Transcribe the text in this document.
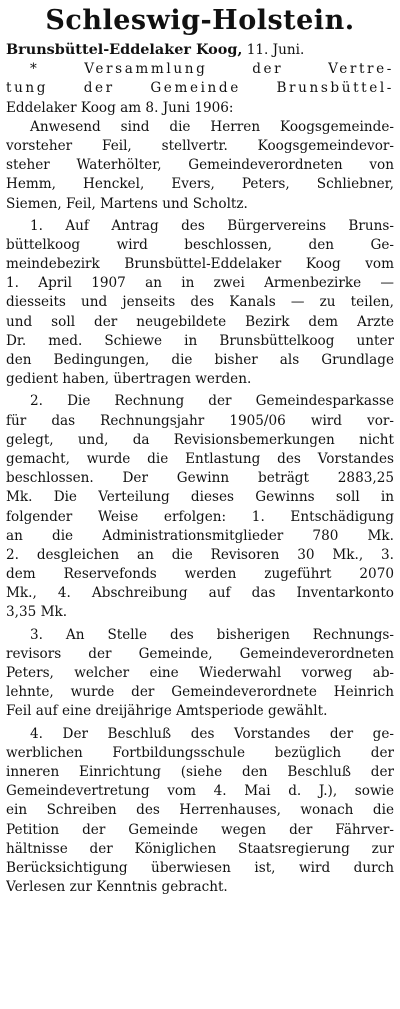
Schleswig-Holstein.
Brunsbüttel-Eddelaker Koog, 11. Juni.
* Versammlung der Vertre-
tung der Gemeinde Brunsbüttel-
Eddelaker Koog am 8. Juni 1906:
Anwesend sind die Herren Koogsgemeinde-
vorsteher Feil, stellvertr. Koogsgemeindevor-
steher Waterhölter, Gemeindeverordneten von
Hemm, Henckel, Evers, Peters, Schliebner,
Siemen, Feil, Martens und Scholtz.
1. Auf Antrag des Bürgervereins Bruns-
büttelkoog wird beschlossen, den Ge-
meindebezirk Brunsbüttel-Eddelaker Koog vom
1. April 1907 an in zwei Armenbezirke —
diesseits und jenseits des Kanals — zu teilen,
und soll der neugebildete Bezirk dem Arzte
Dr. med. Schiewe in Brunsbüttelkoog unter
den Bedingungen, die bisher als Grundlage
gedient haben, übertragen werden.
2. Die Rechnung der Gemeindesparkasse
für das Rechnungsjahr 1905/06 wird vor-
gelegt, und, da Revisionsbemerkungen nicht
gemacht, wurde die Entlastung des Vorstandes
beschlossen. Der Gewinn beträgt 2883,25
Mk. Die Verteilung dieses Gewinns soll in
folgender Weise erfolgen: 1. Entschädigung
an die Administrationsmitglieder 780 Mk.
2. desgleichen an die Revisoren 30 Mk., 3.
dem Reservefonds werden zugeführt 2070
Mk., 4. Abschreibung auf das Inventarkonto
3,35 Mk.
3. An Stelle des bisherigen Rechnungs-
revisors der Gemeinde, Gemeindeverordneten
Peters, welcher eine Wiederwahl vorweg ab-
lehnte, wurde der Gemeindeverordnete Heinrich
Feil auf eine dreijährige Amtsperiode gewählt.
4. Der Beschluß des Vorstandes der ge-
werblichen Fortbildungsschule bezüglich der
inneren Einrichtung (siehe den Beschluß der
Gemeindevertretung vom 4. Mai d. J.), sowie
ein Schreiben des Herrenhauses, wonach die
Petition der Gemeinde wegen der Fährver-
hältnisse der Königlichen Staatsregierung zur
Berücksichtigung überwiesen ist, wird durch
Verlesen zur Kenntnis gebracht.
